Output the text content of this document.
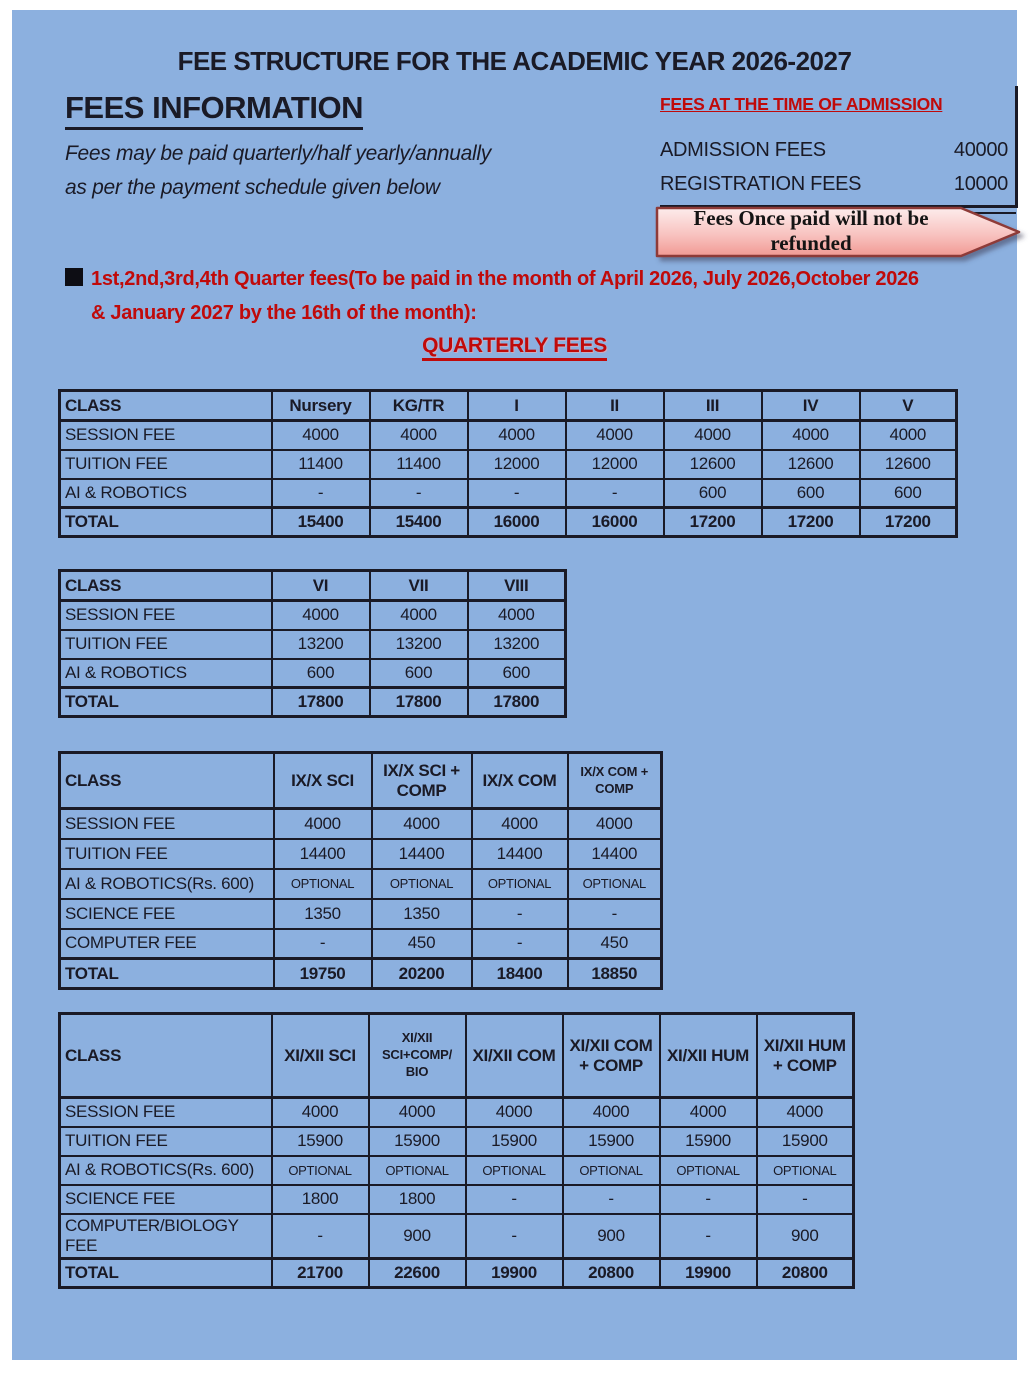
FEE STRUCTURE FOR THE ACADEMIC YEAR 2026-2027
FEES INFORMATION
Fees may be paid quarterly/half yearly/annually
as per the payment schedule given below
FEES AT THE TIME OF ADMISSION
ADMISSION FEES	40000
REGISTRATION FEES	10000
Fees Once paid will not be refunded
1st,2nd,3rd,4th Quarter fees(To be paid in the month of April 2026, July 2026,October 2026
& January 2027 by the 16th of the month):
QUARTERLY FEES
CLASS	Nursery	KG/TR	I	II	III	IV	V
SESSION FEE	4000	4000	4000	4000	4000	4000	4000
TUITION FEE	11400	11400	12000	12000	12600	12600	12600
AI & ROBOTICS	-	-	-	-	600	600	600
TOTAL	15400	15400	16000	16000	17200	17200	17200
CLASS	VI	VII	VIII
SESSION FEE	4000	4000	4000
TUITION FEE	13200	13200	13200
AI & ROBOTICS	600	600	600
TOTAL	17800	17800	17800
CLASS	IX/X SCI	IX/X SCI + COMP	IX/X COM	IX/X COM + COMP
SESSION FEE	4000	4000	4000	4000
TUITION FEE	14400	14400	14400	14400
AI & ROBOTICS(Rs. 600)	OPTIONAL	OPTIONAL	OPTIONAL	OPTIONAL
SCIENCE FEE	1350	1350	-	-
COMPUTER FEE	-	450	-	450
TOTAL	19750	20200	18400	18850
CLASS	XI/XII SCI	XI/XII SCI+COMP/ BIO	XI/XII COM	XI/XII COM + COMP	XI/XII HUM	XI/XII HUM + COMP
SESSION FEE	4000	4000	4000	4000	4000	4000
TUITION FEE	15900	15900	15900	15900	15900	15900
AI & ROBOTICS(Rs. 600)	OPTIONAL	OPTIONAL	OPTIONAL	OPTIONAL	OPTIONAL	OPTIONAL
SCIENCE FEE	1800	1800	-	-	-	-
COMPUTER/BIOLOGY FEE	-	900	-	900	-	900
TOTAL	21700	22600	19900	20800	19900	20800
